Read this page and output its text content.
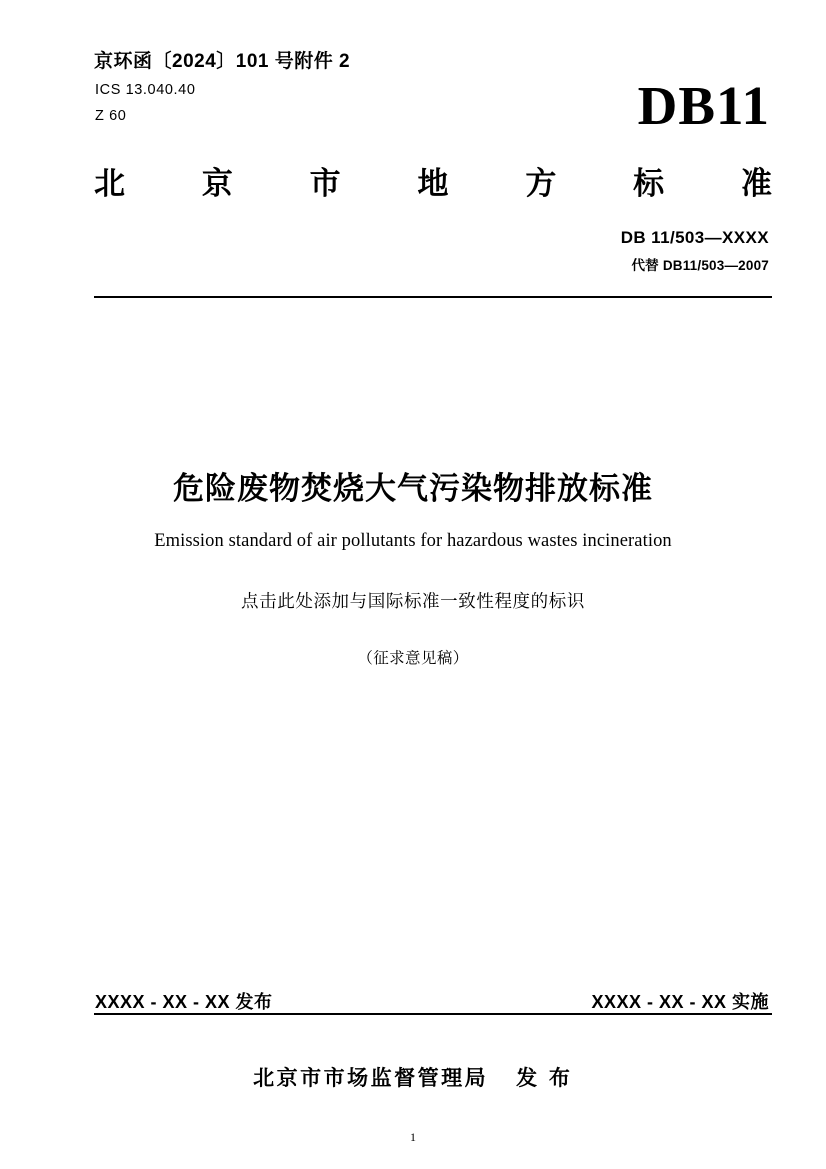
京环函〔2024〕101 号附件 2
ICS 13.040.40
Z 60	DB11
北 京 市 地 方 标 准
DB 11/503—XXXX
代替 DB11/503—2007
危险废物焚烧大气污染物排放标准
Emission standard of air pollutants for hazardous wastes incineration
点击此处添加与国际标准一致性程度的标识
（征求意见稿）
XXXX - XX - XX 发布	XXXX - XX - XX 实施
北京市市场监督管理局 发 布
1
